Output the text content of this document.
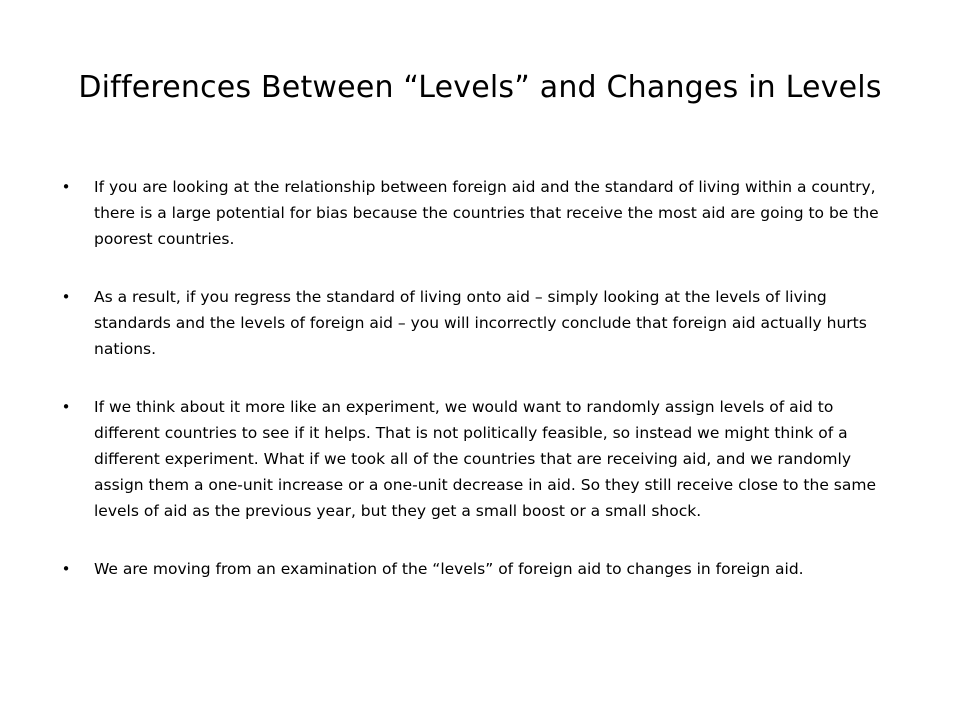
Differences Between “Levels” and Changes in Levels
• If you are looking at the relationship between foreign aid and the standard of living within a country, there is a large potential for bias because the countries that receive the most aid are going to be the poorest countries.
• As a result, if you regress the standard of living onto aid – simply looking at the levels of living standards and the levels of foreign aid – you will incorrectly conclude that foreign aid actually hurts nations.
• If we think about it more like an experiment, we would want to randomly assign levels of aid to different countries to see if it helps. That is not politically feasible, so instead we might think of a different experiment. What if we took all of the countries that are receiving aid, and we randomly assign them a one-unit increase or a one-unit decrease in aid. So they still receive close to the same levels of aid as the previous year, but they get a small boost or a small shock.
• We are moving from an examination of the “levels” of foreign aid to changes in foreign aid.
